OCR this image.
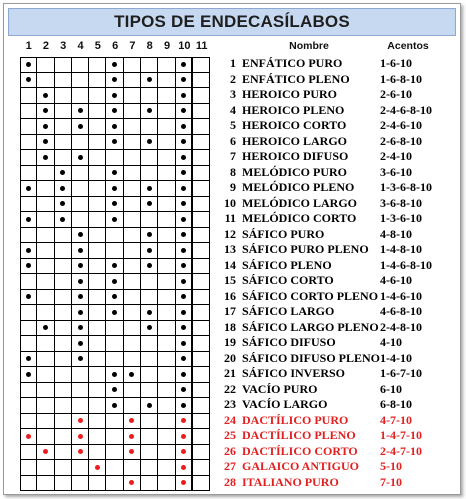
TIPOS DE ENDECASÍLABOS
1	2	3	4	5	6	7	8	9 10 11	Nombre	Acentos
1 ENFÁTICO PURO	1-6-10
2 ENFÁTICO PLENO	1-6-8-10
3 HEROICO PURO	2-6-10
4 HEROICO PLENO	2-4-6-8-10
5 HEROICO CORTO	2-4-6-10
6 HEROICO LARGO	2-6-8-10
7 HEROICO DIFUSO	2-4-10
8 MELÓDICO PURO	3-6-10
9 MELÓDICO PLENO 1-3-6-8-10
10 MELÓDICO LARGO 3-6-8-10
11 MELÓDICO CORTO 1-3-6-10
12 SÁFICO PURO	4-8-10
13 SÁFICO PURO PLENO 1-4-8-10
14 SÁFICO PLENO	1-4-6-8-10
15 SÁFICO CORTO	4-6-10
16 SÁFICO CORTO PLENO 1-4-6-10
17 SÁFICO LARGO	4-6-8-10
18 SÁFICO LARGO PLENO 2-4-8-10
19 SÁFICO DIFUSO	4-10
20 SÁFICO DIFUSO PLENO 1-4-10
21 SÁFICO INVERSO	1-6-7-10
22 VACÍO PURO	6-10
23 VACÍO LARGO	6-8-10
24 DACTÍLICO PURO	4-7-10
25 DACTÍLICO PLENO 1-4-7-10
26 DACTÍLICO CORTO 2-4-7-10
27 GALAICO ANTIGUO 5-10
28 ITALIANO PURO	7-10
